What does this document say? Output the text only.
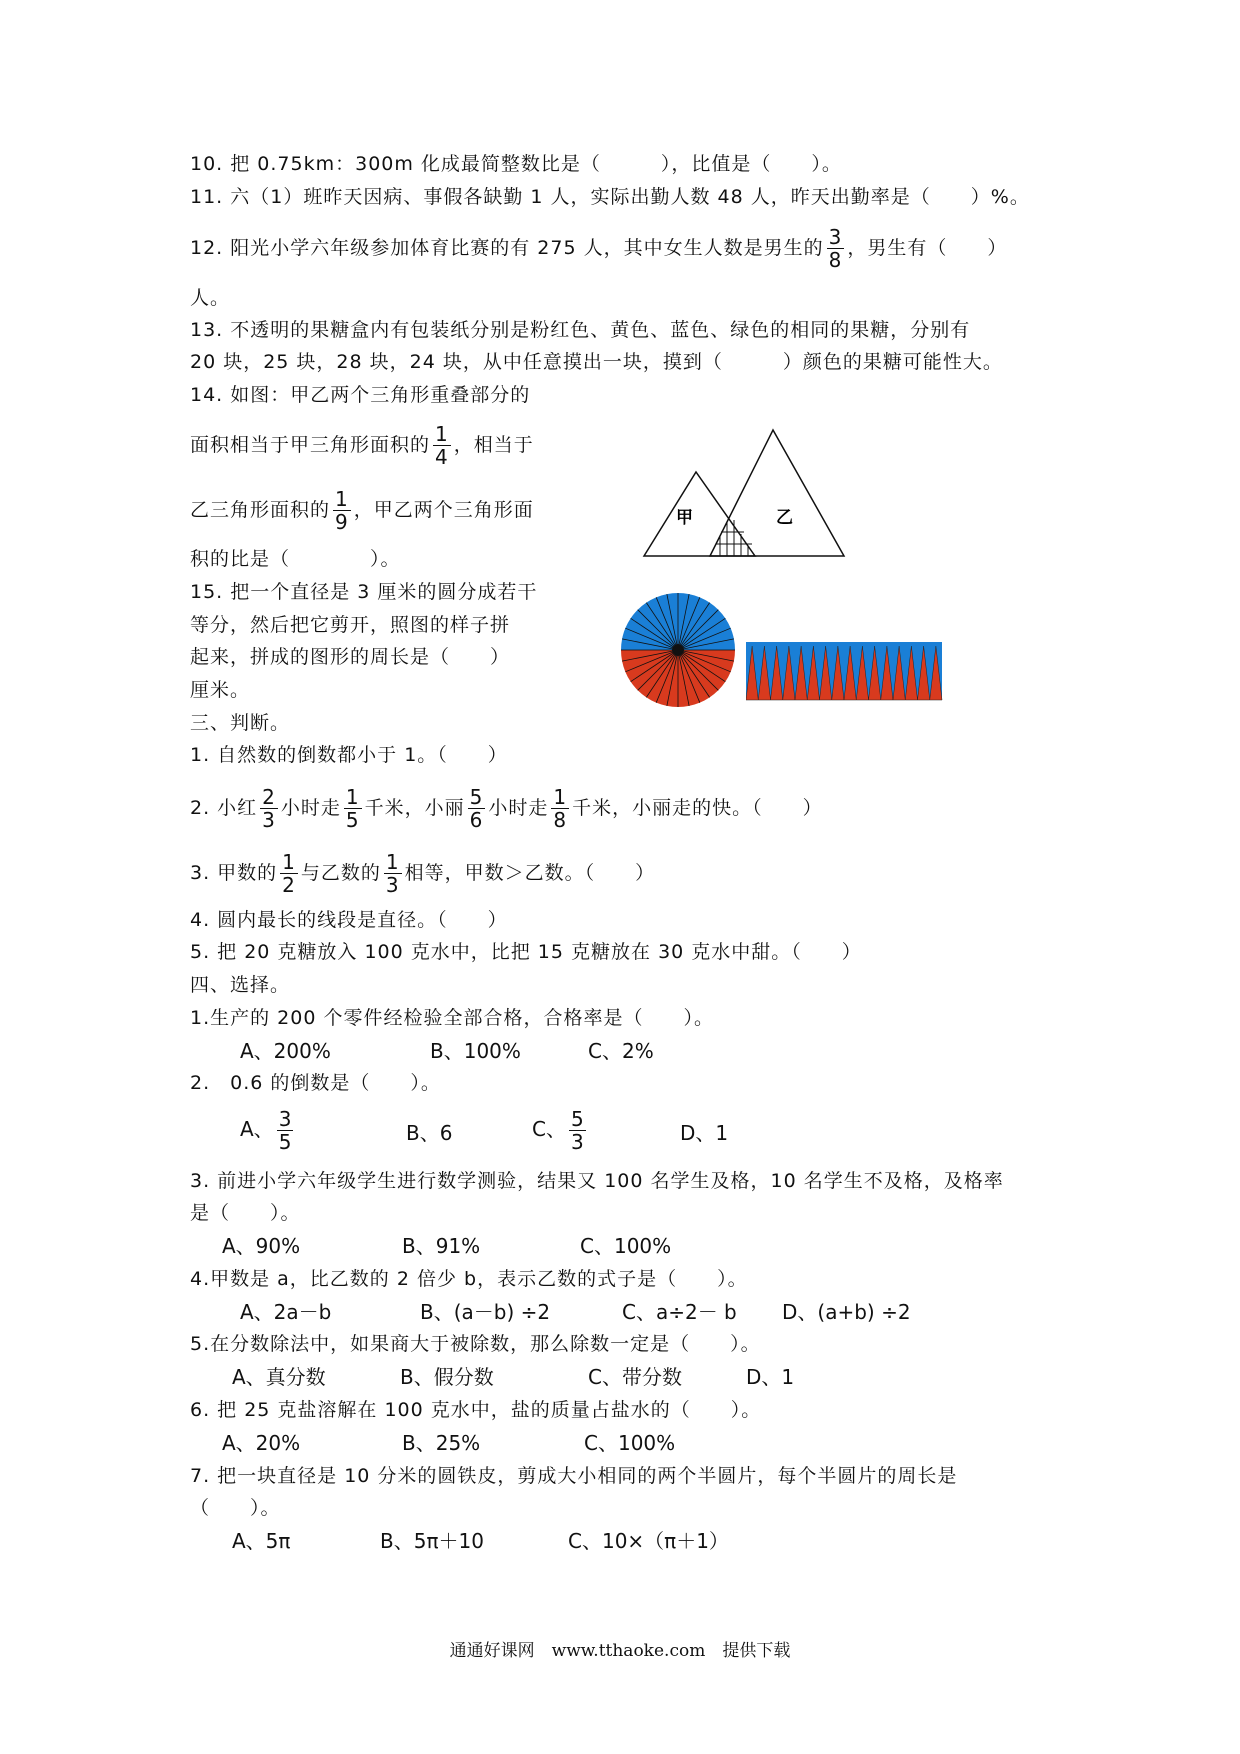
10. 把 0.75km：300m 化成最简整数比是（　　　），比值是（　　）。
11. 六（1）班昨天因病、事假各缺勤 1 人，实际出勤人数 48 人，昨天出勤率是（　　）%。
12. 阳光小学六年级参加体育比赛的有 275 人，其中女生人数是男生的 $\frac{3}{8}$ ，男生有（　　）
人。
13. 不透明的果糖盒内有包装纸分别是粉红色、黄色、蓝色、绿色的相同的果糖，分别有
20 块，25 块，28 块，24 块，从中任意摸出一块，摸到（　　　）颜色的果糖可能性大。
14. 如图：甲乙两个三角形重叠部分的
面积相当于甲三角形面积的 $\frac{1}{4}$ ，相当于
乙三角形面积的 $\frac{1}{9}$ ，甲乙两个三角形面
积的比是（　　　　）。
甲	乙
15. 把一个直径是 3 厘米的圆分成若干
等分，然后把它剪开，照图的样子拼
起来，拼成的图形的周长是（　　）
厘米。
三、判断。
1. 自然数的倒数都小于 1。（　　）
2. 小红 $\frac{2}{3}$ 小时走 $\frac{1}{5}$ 千米，小丽 $\frac{5}{6}$ 小时走 $\frac{1}{8}$ 千米，小丽走的快。（　　）
3. 甲数的 $\frac{1}{2}$ 与乙数的 $\frac{1}{3}$ 相等，甲数＞乙数。（　　）
4. 圆内最长的线段是直径。（　　）
5. 把 20 克糖放入 100 克水中，比把 15 克糖放在 30 克水中甜。（　　）
四、选择。
1.生产的 200 个零件经检验全部合格，合格率是（　　）。
A、200%	B、100%	C、2%
2.　0.6 的倒数是（　　）。
A、 $\frac{3}{5}$	B、6	C、 $\frac{5}{3}$	D、1
3. 前进小学六年级学生进行数学测验，结果又 100 名学生及格，10 名学生不及格，及格率
是（　　）。
A、90%	B、91%	C、100%
4.甲数是 a，比乙数的 2 倍少 b，表示乙数的式子是（　　）。
A、2a－b	B、(a－b) ÷2	C、a÷2－ b D、(a+b) ÷2
5.在分数除法中，如果商大于被除数，那么除数一定是（　　）。
A、真分数	B、假分数	C、带分数	D、1
6. 把 25 克盐溶解在 100 克水中，盐的质量占盐水的（　　）。
A、20%	B、25%	C、100%
7. 把一块直径是 10 分米的圆铁皮，剪成大小相同的两个半圆片，每个半圆片的周长是
（　　）。
A、5π	B、5π＋10	C、10×（π＋1）
通通好课网　www.tthaoke.com　提供下载
